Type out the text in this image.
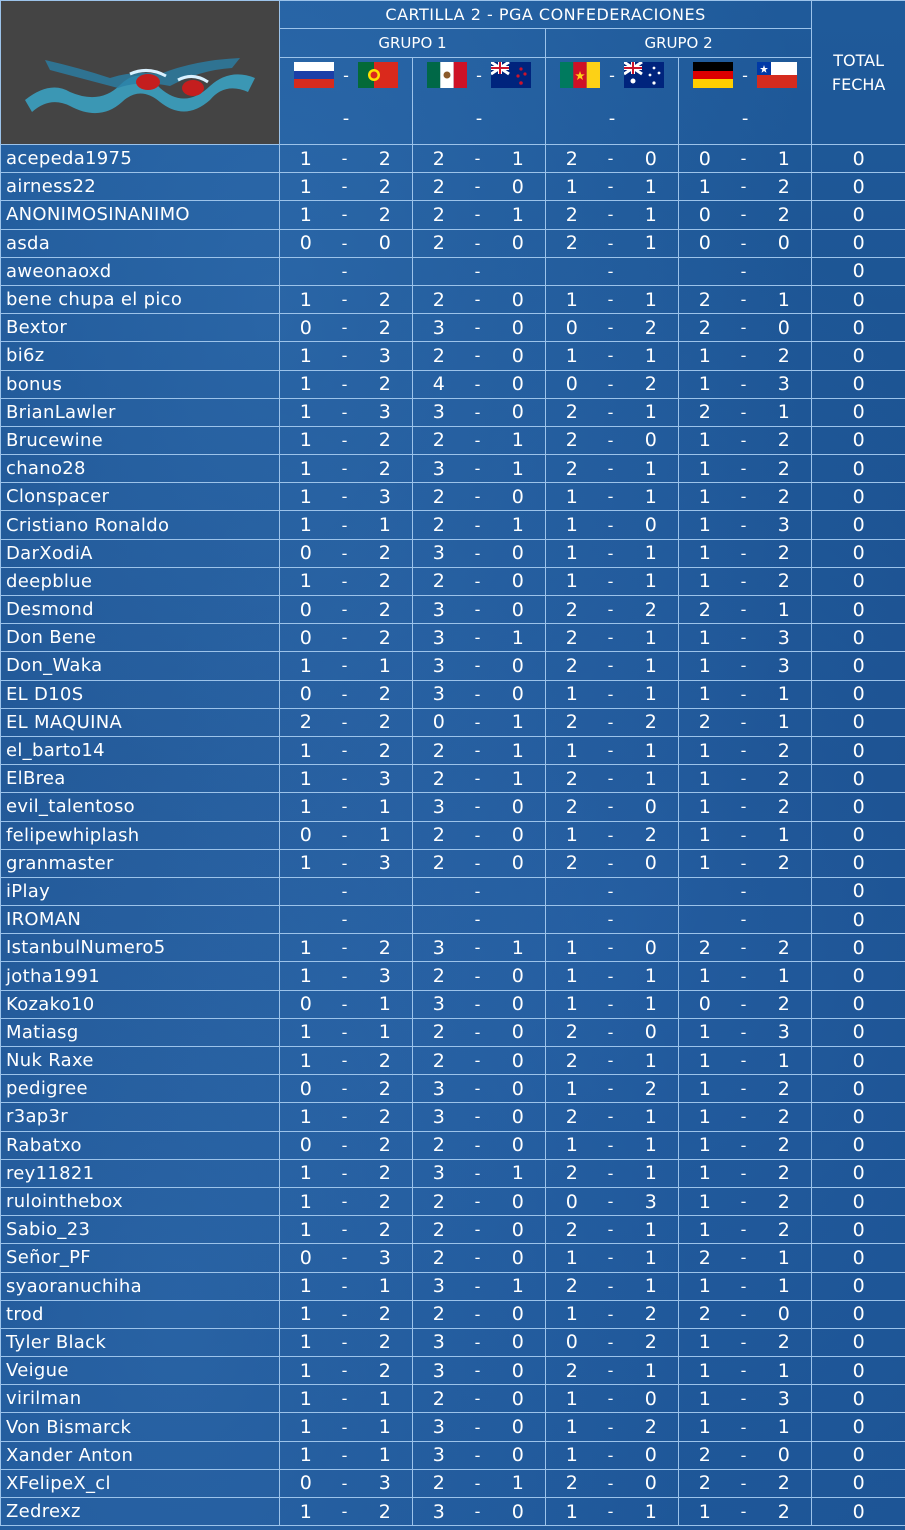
	CARTILLA 2 - PGA CONFEDERACIONES												TOTAL FECHA
	GRUPO 1						GRUPO 2						

-			-			-			-			

	-			-			-			-			
acepeda1975	1	-	2	2	-	1	2	-	0	0	-	1	0
airness22	1	-	2	2	-	0	1	-	1	1	-	2	0
ANONIMOSINANIMO	1	-	2	2	-	1	2	-	1	0	-	2	0
asda	0	-	0	2	-	0	2	-	1	0	-	0	0
aweonaoxd		-			-			-			-		0
bene chupa el pico	1	-	2	2	-	0	1	-	1	2	-	1	0
Bextor	0	-	2	3	-	0	0	-	2	2	-	0	0
bi6z	1	-	3	2	-	0	1	-	1	1	-	2	0
bonus	1	-	2	4	-	0	0	-	2	1	-	3	0
BrianLawler	1	-	3	3	-	0	2	-	1	2	-	1	0
Brucewine	1	-	2	2	-	1	2	-	0	1	-	2	0
chano28	1	-	2	3	-	1	2	-	1	1	-	2	0
Clonspacer	1	-	3	2	-	0	1	-	1	1	-	2	0
Cristiano Ronaldo	1	-	1	2	-	1	1	-	0	1	-	3	0
DarXodiA	0	-	2	3	-	0	1	-	1	1	-	2	0
deepblue	1	-	2	2	-	0	1	-	1	1	-	2	0
Desmond	0	-	2	3	-	0	2	-	2	2	-	1	0
Don Bene	0	-	2	3	-	1	2	-	1	1	-	3	0
Don_Waka	1	-	1	3	-	0	2	-	1	1	-	3	0
EL D10S	0	-	2	3	-	0	1	-	1	1	-	1	0
EL MAQUINA	2	-	2	0	-	1	2	-	2	2	-	1	0
el_barto14	1	-	2	2	-	1	1	-	1	1	-	2	0
ElBrea	1	-	3	2	-	1	2	-	1	1	-	2	0
evil_talentoso	1	-	1	3	-	0	2	-	0	1	-	2	0
felipewhiplash	0	-	1	2	-	0	1	-	2	1	-	1	0
granmaster	1	-	3	2	-	0	2	-	0	1	-	2	0
iPlay		-			-			-			-		0
IROMAN		-			-			-			-		0
IstanbulNumero5	1	-	2	3	-	1	1	-	0	2	-	2	0
jotha1991	1	-	3	2	-	0	1	-	1	1	-	1	0
Kozako10	0	-	1	3	-	0	1	-	1	0	-	2	0
Matiasg	1	-	1	2	-	0	2	-	0	1	-	3	0
Nuk Raxe	1	-	2	2	-	0	2	-	1	1	-	1	0
pedigree	0	-	2	3	-	0	1	-	2	1	-	2	0
r3ap3r	1	-	2	3	-	0	2	-	1	1	-	2	0
Rabatxo	0	-	2	2	-	0	1	-	1	1	-	2	0
rey11821	1	-	2	3	-	1	2	-	1	1	-	2	0
rulointhebox	1	-	2	2	-	0	0	-	3	1	-	2	0
Sabio_23	1	-	2	2	-	0	2	-	1	1	-	2	0
Señor_PF	0	-	3	2	-	0	1	-	1	2	-	1	0
syaoranuchiha	1	-	1	3	-	1	2	-	1	1	-	1	0
trod	1	-	2	2	-	0	1	-	2	2	-	0	0
Tyler Black	1	-	2	3	-	0	0	-	2	1	-	2	0
Veigue	1	-	2	3	-	0	2	-	1	1	-	1	0
virilman	1	-	1	2	-	0	1	-	0	1	-	3	0
Von Bismarck	1	-	1	3	-	0	1	-	2	1	-	1	0
Xander Anton	1	-	1	3	-	0	1	-	0	2	-	0	0
XFelipeX_cl	0	-	3	2	-	1	2	-	0	2	-	2	0
Zedrexz	1	-	2	3	-	0	1	-	1	1	-	2	0
